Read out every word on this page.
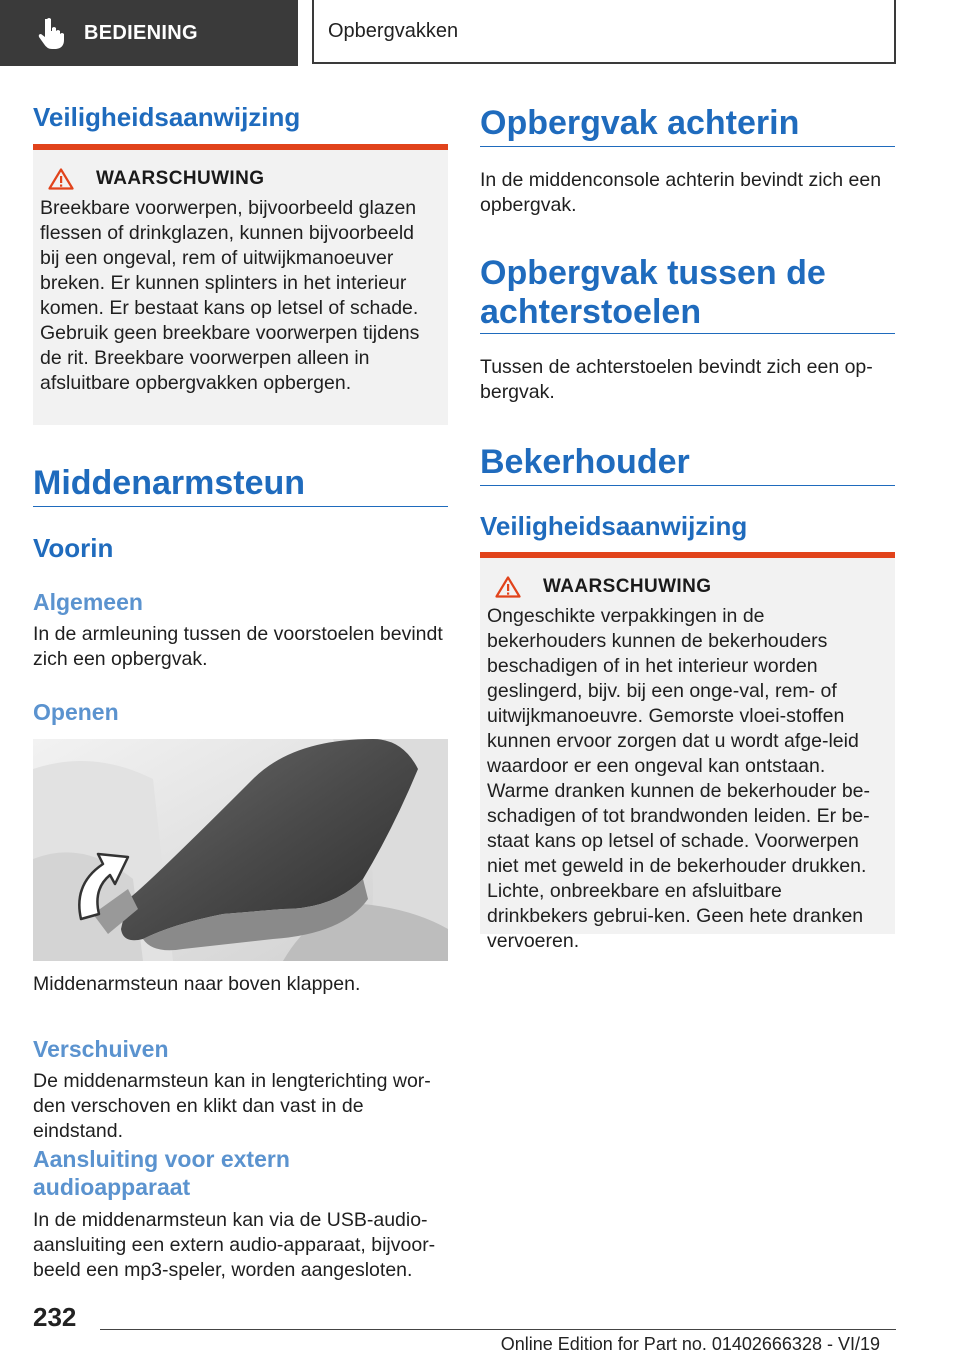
BEDIENING	Opbergvakken
Veiligheidsaanwijzing
WAARSCHUWING
Breekbare voorwerpen, bijvoorbeeld glazen flessen of drinkglazen, kunnen bijvoorbeeld bij een ongeval, rem of uitwijkmanoeuver breken. Er kunnen splinters in het interieur komen. Er bestaat kans op letsel of schade. Gebruik geen breekbare voorwerpen tijdens de rit. Breekbare voorwerpen alleen in afsluitbare opbergvakken opbergen.
Middenarmsteun
Voorin
Algemeen
In de armleuning tussen de voorstoelen bevindt zich een opbergvak.
Openen
Middenarmsteun naar boven klappen.
Verschuiven
De middenarmsteun kan in lengterichting wor‐den verschoven en klikt dan vast in de eindstand.
Aansluiting voor extern audioapparaat
In de middenarmsteun kan via de USB-audio‐aansluiting een extern audio-apparaat, bijvoor‐beeld een mp3-speler, worden aangesloten.
Opbergvak achterin
In de middenconsole achterin bevindt zich een opbergvak.
Opbergvak tussen de achterstoelen
Tussen de achterstoelen bevindt zich een op‐bergvak.
Bekerhouder
Veiligheidsaanwijzing
WAARSCHUWING
Ongeschikte verpakkingen in de bekerhouders kunnen de bekerhouders beschadigen of in het interieur worden geslingerd, bijv. bij een onge‐val, rem- of uitwijkmanoeuvre. Gemorste vloei‐stoffen kunnen ervoor zorgen dat u wordt afge‐leid waardoor er een ongeval kan ontstaan. Warme dranken kunnen de bekerhouder be‐schadigen of tot brandwonden leiden. Er be‐staat kans op letsel of schade. Voorwerpen niet met geweld in de bekerhouder drukken. Lichte, onbreekbare en afsluitbare drinkbekers gebrui‐ken. Geen hete dranken vervoeren.
232
Online Edition for Part no. 01402666328 - VI/19
